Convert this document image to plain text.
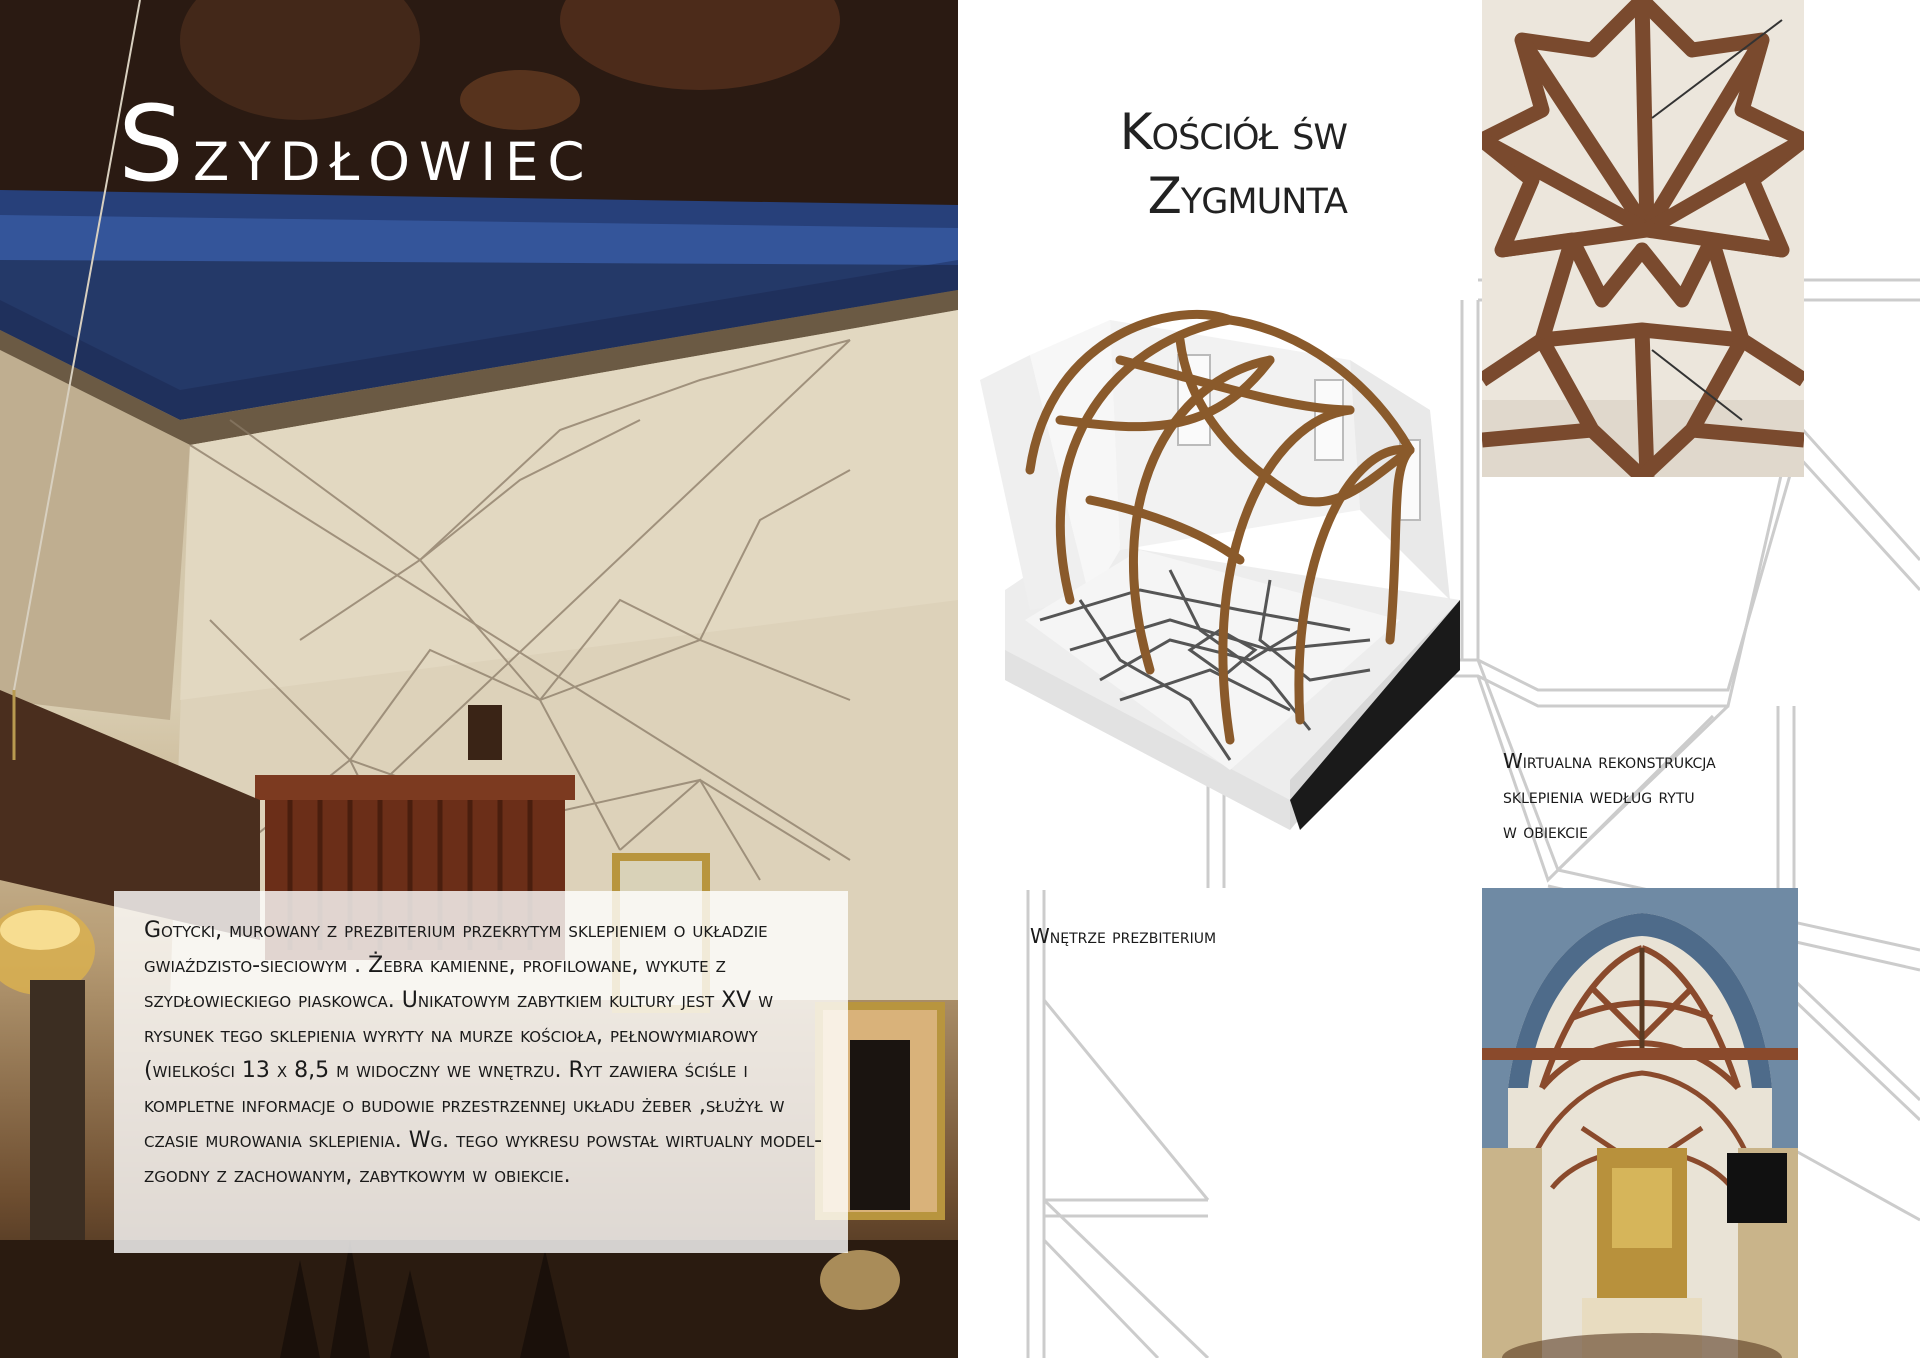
Szydłowiec

Gotycki, murowany z prezbiterium przekrytym sklepieniem o układzie gwiaździsto-sieciowym . Żebra kamienne, profilowane, wykute z szydłowieckiego piaskowca. Unikatowym zabytkiem kultury jest XV w rysunek tego sklepienia wyryty na murze kościoła, pełnowymiarowy (wielkości 13 x 8,5 m widoczny we wnętrzu. Ryt zawiera ściśle i kompletne informacje o budowie przestrzennej układu żeber ,służył w czasie murowania sklepienia. Wg. tego wykresu powstał wirtualny model-zgodny z zachowanym, zabytkowym w obiekcie.

Kościół św
Zygmunta

Wirtualna rekonstrukcja
sklepienia według rytu
w obiekcie

Wnętrze prezbiterium
